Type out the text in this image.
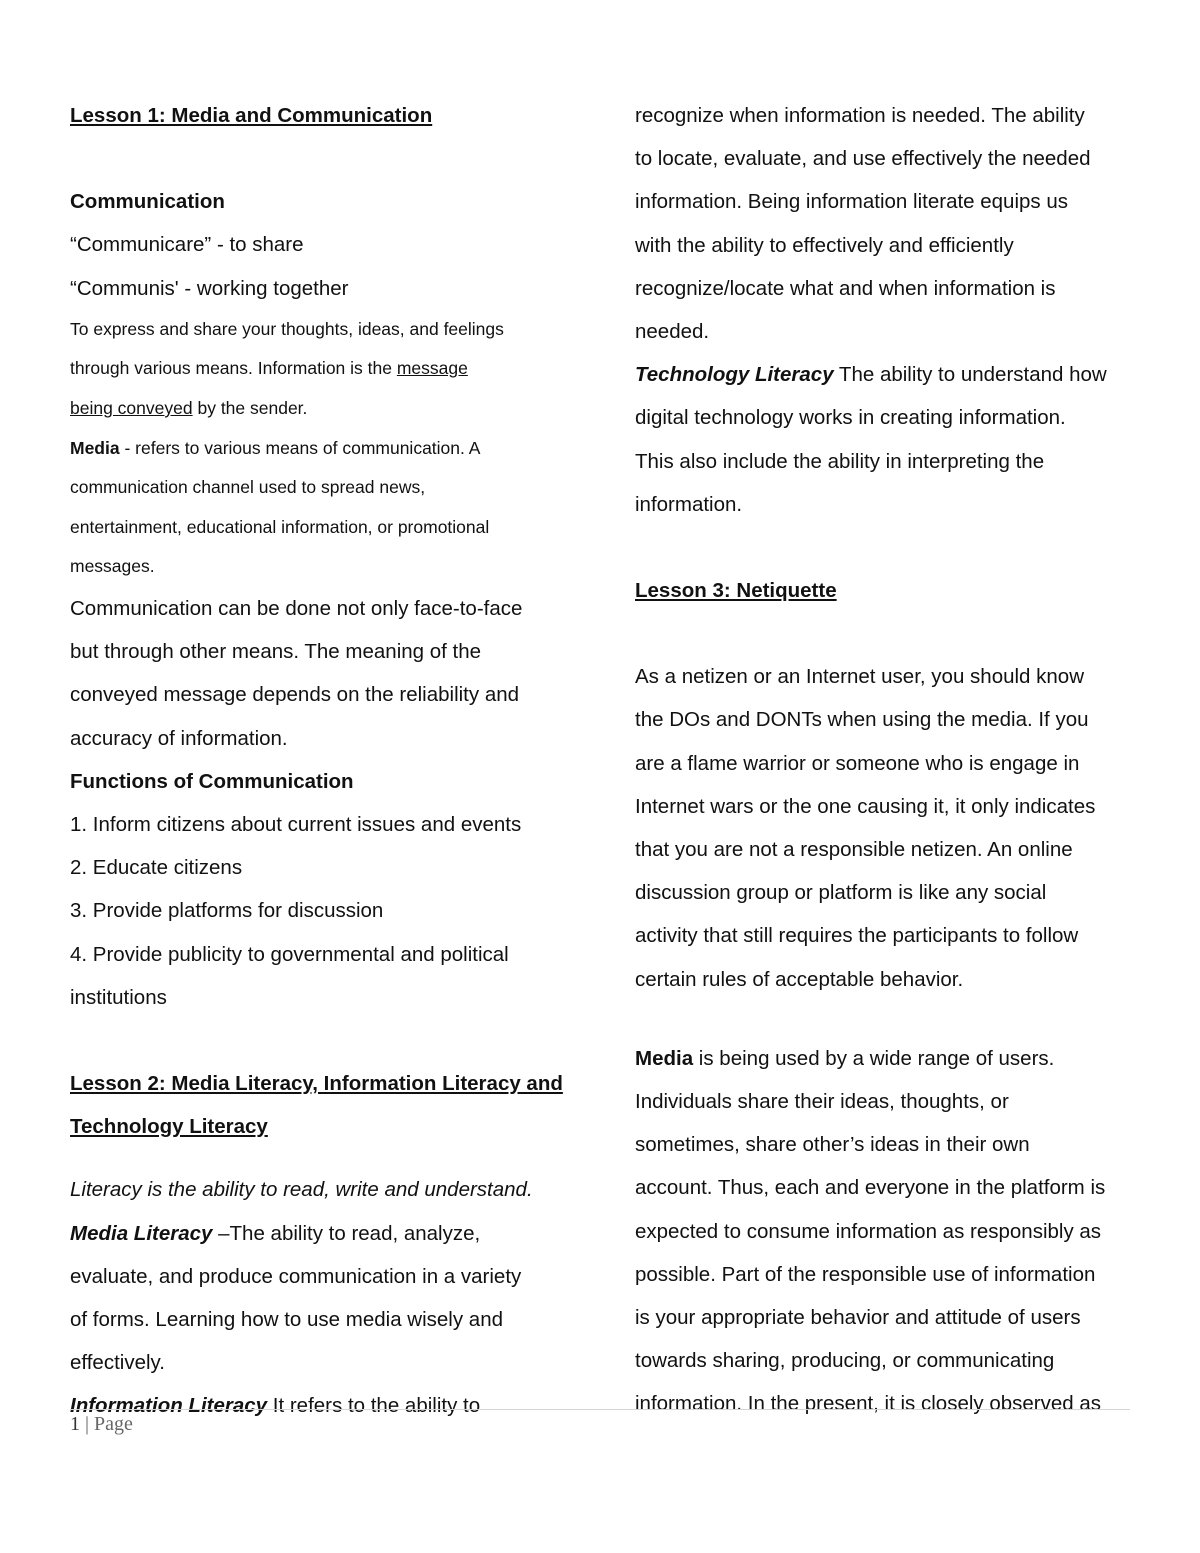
Lesson 1: Media and Communication
Communication
“Communicare” - to share
“Communis' - working together
To express and share your thoughts, ideas, and feelings
through various means. Information is the message
being conveyed by the sender.
Media - refers to various means of communication. A
communication channel used to spread news,
entertainment, educational information, or promotional
messages.
Communication can be done not only face-to-face
but through other means. The meaning of the
conveyed message depends on the reliability and
accuracy of information.
Functions of Communication
1. Inform citizens about current issues and events
2. Educate citizens
3. Provide platforms for discussion
4. Provide publicity to governmental and political
institutions
Lesson 2: Media Literacy, Information Literacy and
Technology Literacy
Literacy is the ability to read, write and understand.
Media Literacy –The ability to read, analyze,
evaluate, and produce communication in a variety
of forms. Learning how to use media wisely and
effectively.
Information Literacy It refers to the ability to
recognize when information is needed. The ability
to locate, evaluate, and use effectively the needed
information. Being information literate equips us
with the ability to effectively and efficiently
recognize/locate what and when information is
needed.
Technology Literacy The ability to understand how
digital technology works in creating information.
This also include the ability in interpreting the
information.
Lesson 3: Netiquette
As a netizen or an Internet user, you should know
the DOs and DONTs when using the media. If you
are a flame warrior or someone who is engage in
Internet wars or the one causing it, it only indicates
that you are not a responsible netizen. An online
discussion group or platform is like any social
activity that still requires the participants to follow
certain rules of acceptable behavior.
Media is being used by a wide range of users.
Individuals share their ideas, thoughts, or
sometimes, share other’s ideas in their own
account. Thus, each and everyone in the platform is
expected to consume information as responsibly as
possible. Part of the responsible use of information
is your appropriate behavior and attitude of users
towards sharing, producing, or communicating
information. In the present, it is closely observed as
1 | Page
